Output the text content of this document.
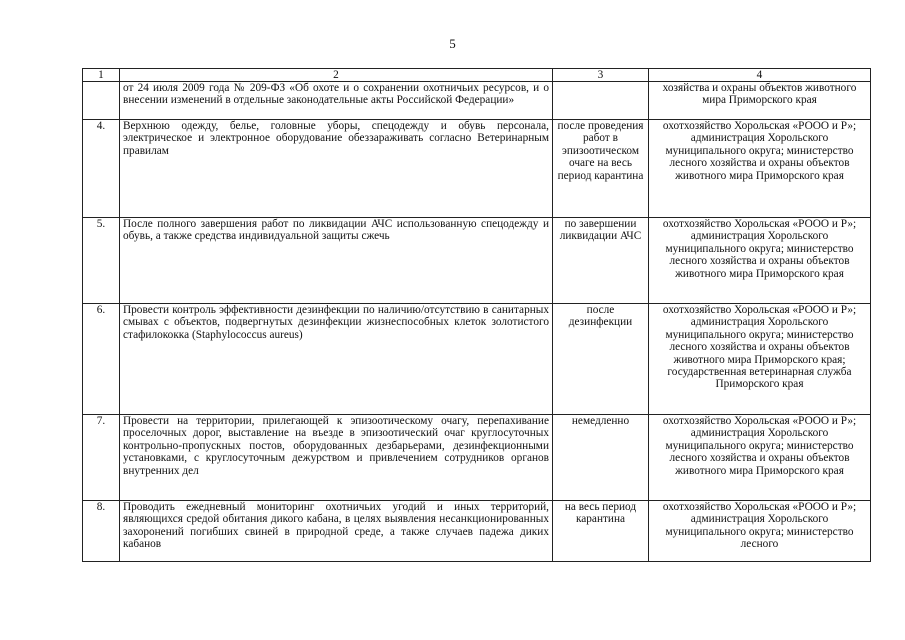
5
1	2	3	4
	от 24 июля 2009 года № 209-ФЗ «Об охоте и о сохранении охотничьих ресурсов, и о внесении изменений в отдельные законодательные акты Российской Федерации»		хозяйства и охраны объектов животного мира Приморского края
4.	Верхнюю одежду, белье, головные уборы, спецодежду и обувь персонала, электрическое и электронное оборудование обеззараживать согласно Ветеринарным правилам	после проведения работ в эпизоотическом очаге на весь период карантина	охотхозяйство Хорольская «РООО и Р»; администрация Хорольского муниципального округа; министерство лесного хозяйства и охраны объектов животного мира Приморского края
5.	После полного завершения работ по ликвидации АЧС использованную спецодежду и обувь, а также средства индивидуальной защиты сжечь	по завершении ликвидации АЧС	охотхозяйство Хорольская «РООО и Р»; администрация Хорольского муниципального округа; министерство лесного хозяйства и охраны объектов животного мира Приморского края
6.	Провести контроль эффективности дезинфекции по наличию/отсутствию в санитарных смывах с объектов, подвергнутых дезинфекции жизнеспособных клеток золотистого стафилококка (Staphylococcus aureus)	после дезинфекции	охотхозяйство Хорольская «РООО и Р»; администрация Хорольского муниципального округа; министерство лесного хозяйства и охраны объектов животного мира Приморского края; государственная ветеринарная служба Приморского края
7.	Провести на территории, прилегающей к эпизоотическому очагу, перепахивание проселочных дорог, выставление на въезде в эпизоотический очаг круглосуточных контрольно-пропускных постов, оборудованных дезбарьерами, дезинфекционными установками, с круглосуточным дежурством и привлечением сотрудников органов внутренних дел	немедленно	охотхозяйство Хорольская «РООО и Р»; администрация Хорольского муниципального округа; министерство лесного хозяйства и охраны объектов животного мира Приморского края
8.	Проводить ежедневный мониторинг охотничьих угодий и иных территорий, являющихся средой обитания дикого кабана, в целях выявления несанкционированных захоронений погибших свиней в природной среде, а также случаев падежа диких кабанов	на весь период карантина	охотхозяйство Хорольская «РООО и Р»; администрация Хорольского муниципального округа; министерство лесного
